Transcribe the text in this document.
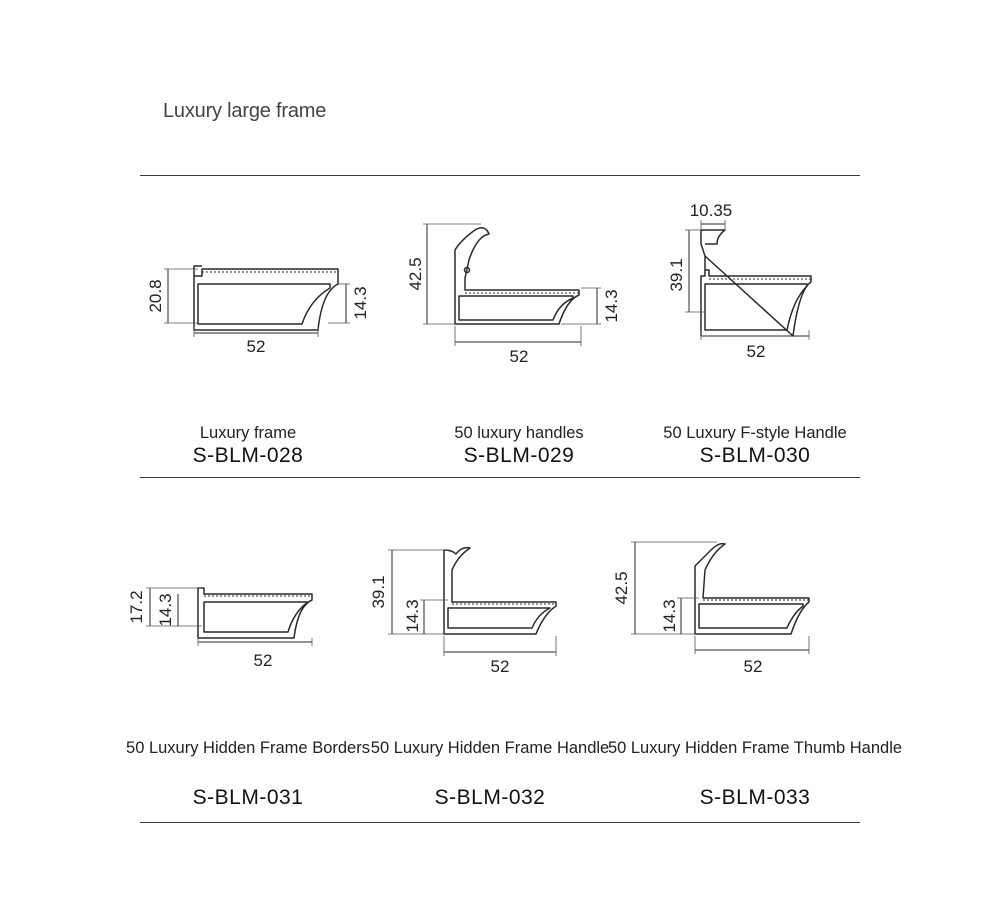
Luxury large frame
20.8	14.3
52
Luxury frame
S-BLM-028
42.5
14.3
52
50 luxury handles
S-BLM-029
10.35
39.1
52
50 Luxury F-style Handle
S-BLM-030
17.2 14.3
52
50 Luxury Hidden Frame Borders
S-BLM-031
39.1
14.3
52
50 Luxury Hidden Frame Handle
S-BLM-032
42.5
14.3
52
50 Luxury Hidden Frame Thumb Handle
S-BLM-033
